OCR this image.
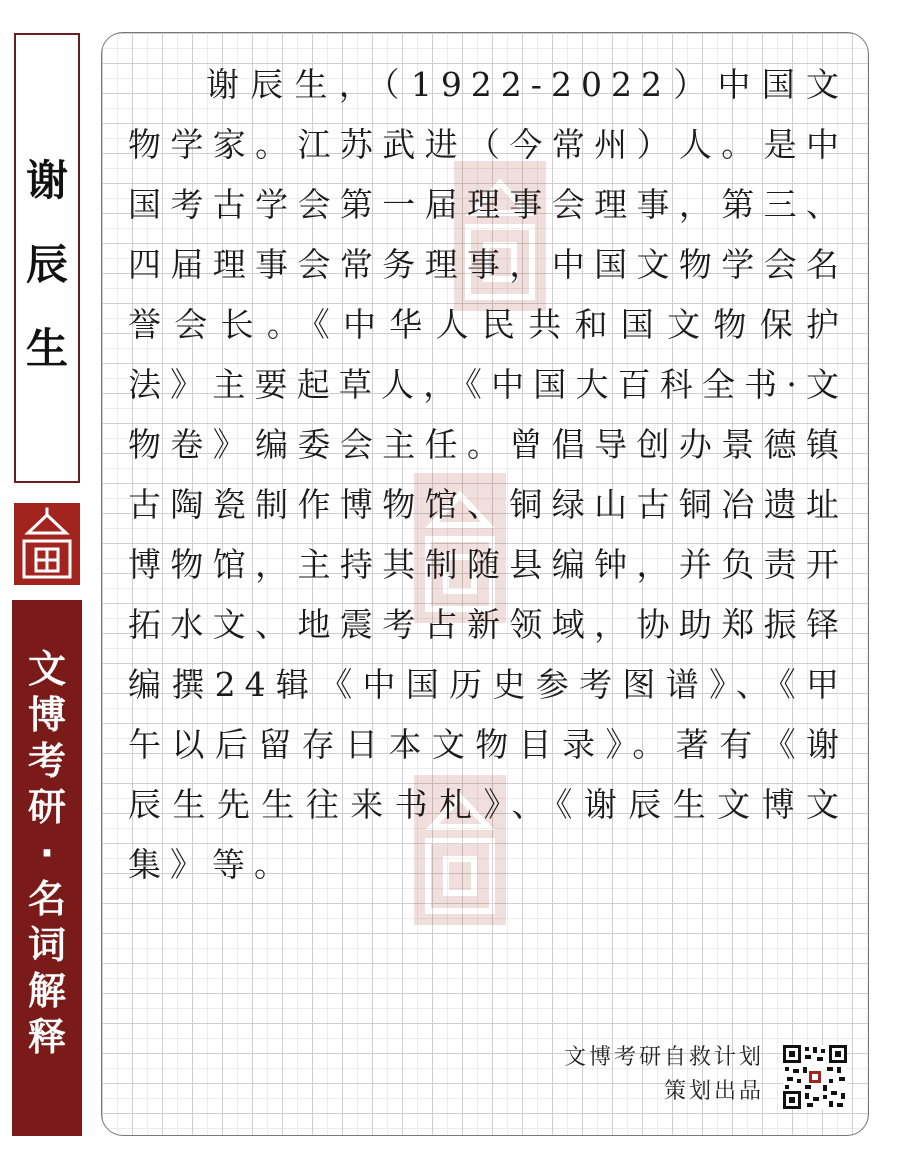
谢
辰
生
文
博
考
研
·
名
词
解
释

谢辰生，（1922-2022）中国文物学家。江苏武进（今常州）人。是中国考古学会第一届理事会理事，第三、四届理事会常务理事，中国文物学会名誉会长。《中华人民共和国文物保护法》主要起草人，《中国大百科全书·文物卷》编委会主任。曾倡导创办景德镇古陶瓷制作博物馆、铜绿山古铜冶遗址博物馆，主持其制随县编钟，并负责开拓水文、地震考占新领域，协助郑振铎编撰24辑《中国历史参考图谱》、《甲午以后留存日本文物目录》。著有《谢辰生先生往来书札》、《谢辰生文博文集》等。

文博考研自救计划
策划出品
